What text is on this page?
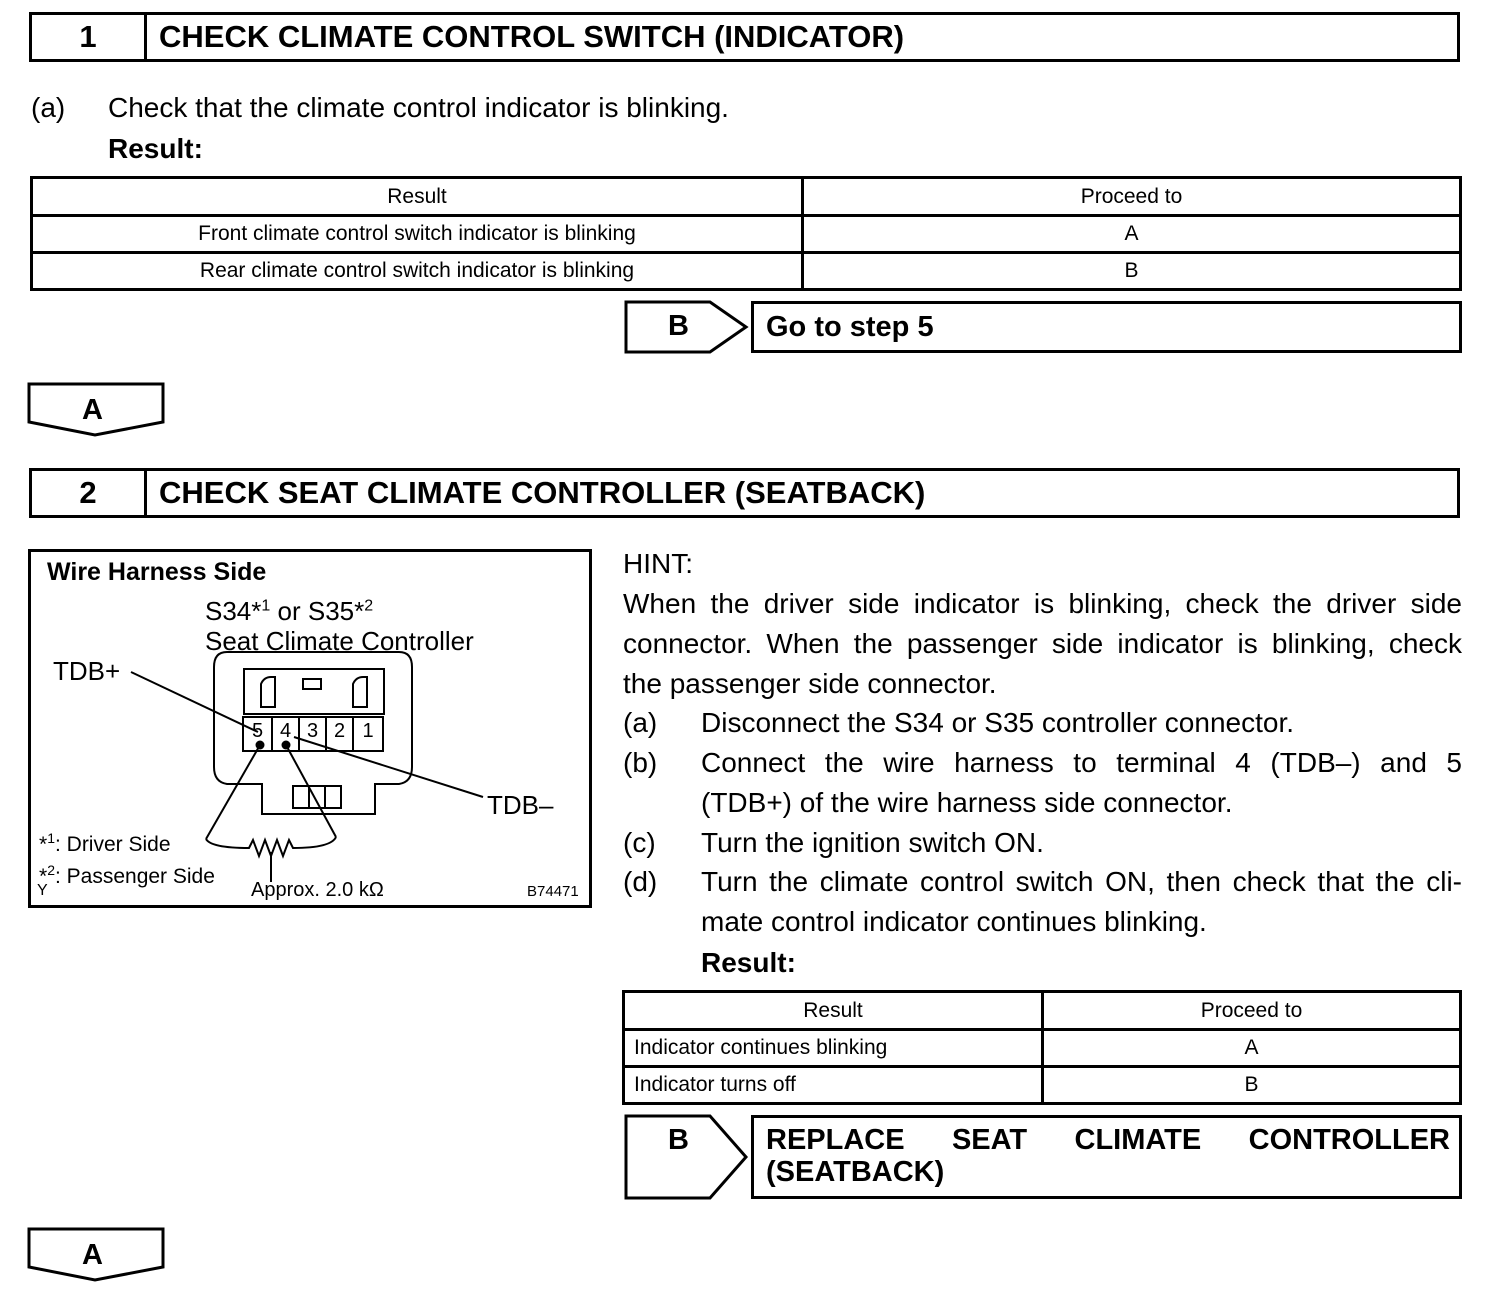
1	CHECK CLIMATE CONTROL SWITCH (INDICATOR)
(a) Check that the climate control indicator is blinking.
Result:
Result	Proceed to
Front climate control switch indicator is blinking	A
Rear climate control switch indicator is blinking	B
B	Go to step 5
A
2	CHECK SEAT CLIMATE CONTROLLER (SEATBACK)
Wire Harness Side
S34*$^1$ or S35*$^2$
Seat Climate Controller
TDB+
TDB–
5 4 3 2 1
*$^1$: Driver Side
*$^2$: Passenger Side
Y	Approx. 2.0 kΩ	B74471
HINT:
When the driver side indicator is blinking, check the driver side
connector. When the passenger side indicator is blinking, check
the passenger side connector.
(a) Disconnect the S34 or S35 controller connector.
(b) Connect the wire harness to terminal 4 (TDB–) and 5
(TDB+) of the wire harness side connector.
(c) Turn the ignition switch ON.
(d) Turn the climate control switch ON, then check that the cli-
mate control indicator continues blinking.
Result:
Result	Proceed to
Indicator continues blinking	A
Indicator turns off	B
B	REPLACE SEAT CLIMATE CONTROLLER
(SEATBACK)
A
